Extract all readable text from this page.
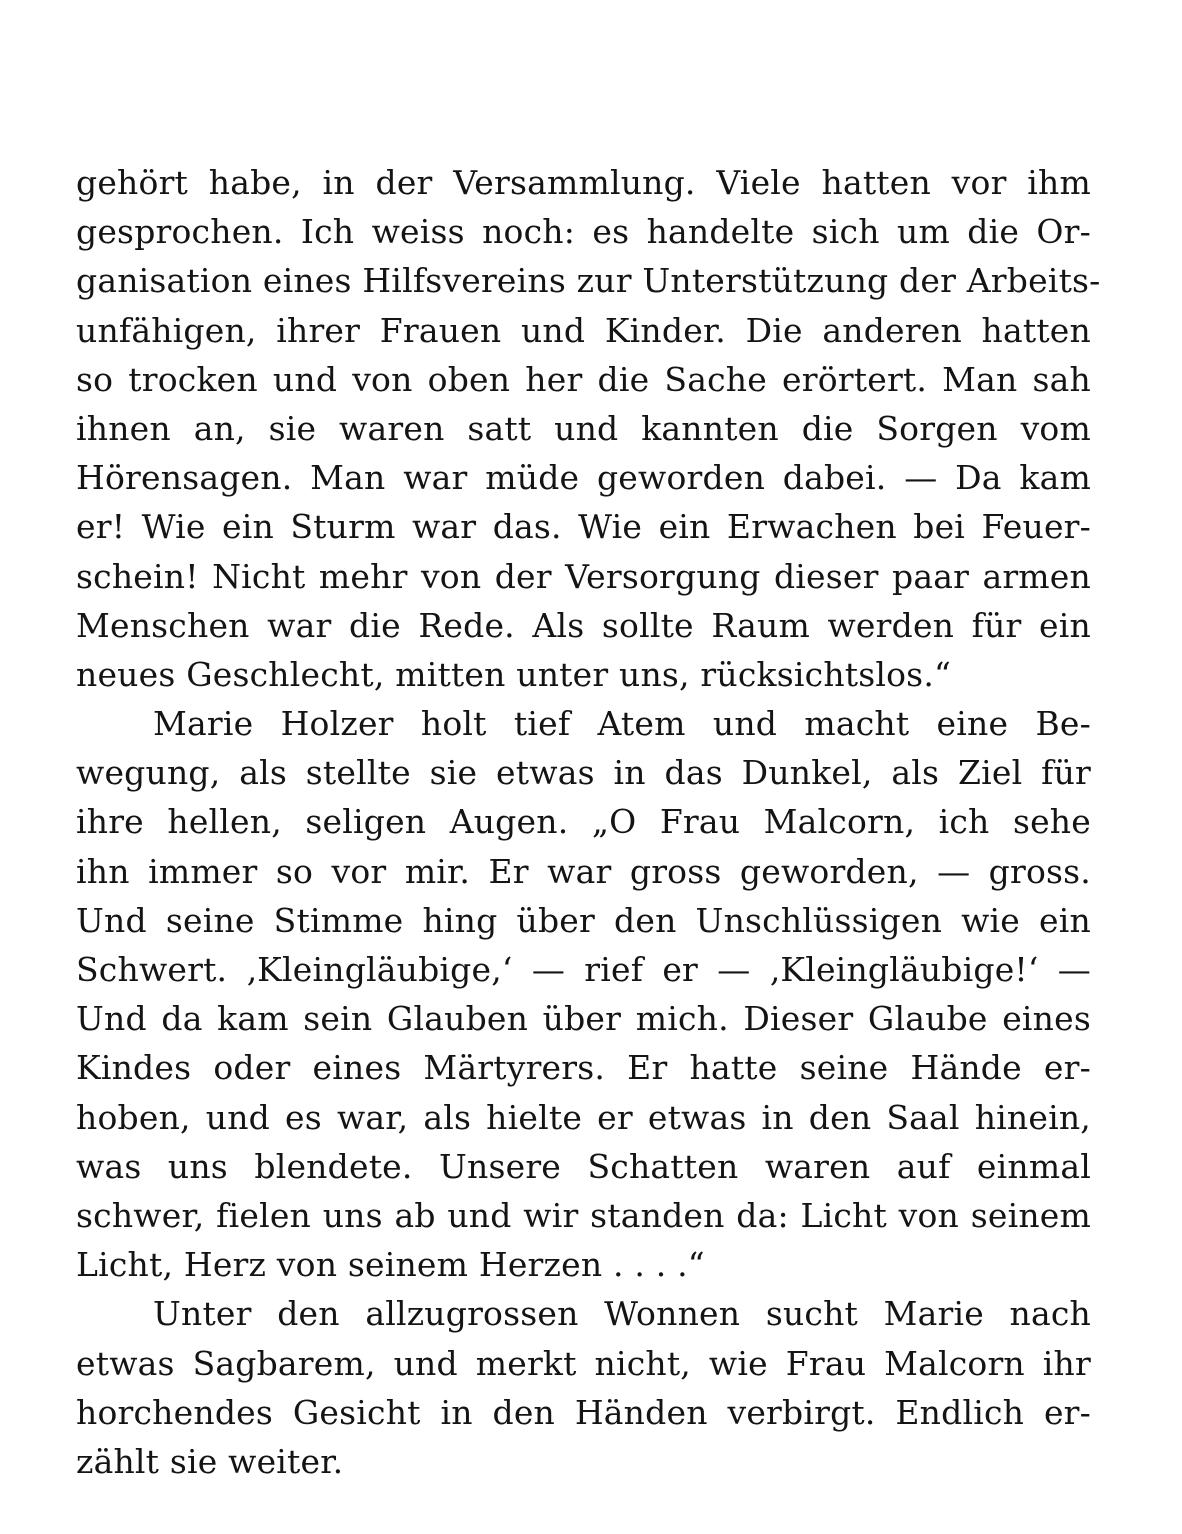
gehört habe, in der Versammlung. Viele hatten vor ihm
gesprochen. Ich weiss noch: es handelte sich um die Or-
ganisation eines Hilfsvereins zur Unterstützung der Arbeits-
unfähigen, ihrer Frauen und Kinder. Die anderen hatten
so trocken und von oben her die Sache erörtert. Man sah
ihnen an, sie waren satt und kannten die Sorgen vom
Hörensagen. Man war müde geworden dabei. — Da kam
er! Wie ein Sturm war das. Wie ein Erwachen bei Feuer-
schein! Nicht mehr von der Versorgung dieser paar armen
Menschen war die Rede. Als sollte Raum werden für ein
neues Geschlecht, mitten unter uns, rücksichtslos.“
Marie Holzer holt tief Atem und macht eine Be-
wegung, als stellte sie etwas in das Dunkel, als Ziel für
ihre hellen, seligen Augen. „O Frau Malcorn, ich sehe
ihn immer so vor mir. Er war gross geworden, — gross.
Und seine Stimme hing über den Unschlüssigen wie ein
Schwert. ‚Kleingläubige,‘ — rief er — ‚Kleingläubige!‘ —
Und da kam sein Glauben über mich. Dieser Glaube eines
Kindes oder eines Märtyrers. Er hatte seine Hände er-
hoben, und es war, als hielte er etwas in den Saal hinein,
was uns blendete. Unsere Schatten waren auf einmal
schwer, fielen uns ab und wir standen da: Licht von seinem
Licht, Herz von seinem Herzen . . . .“
Unter den allzugrossen Wonnen sucht Marie nach
etwas Sagbarem, und merkt nicht, wie Frau Malcorn ihr
horchendes Gesicht in den Händen verbirgt. Endlich er-
zählt sie weiter.
